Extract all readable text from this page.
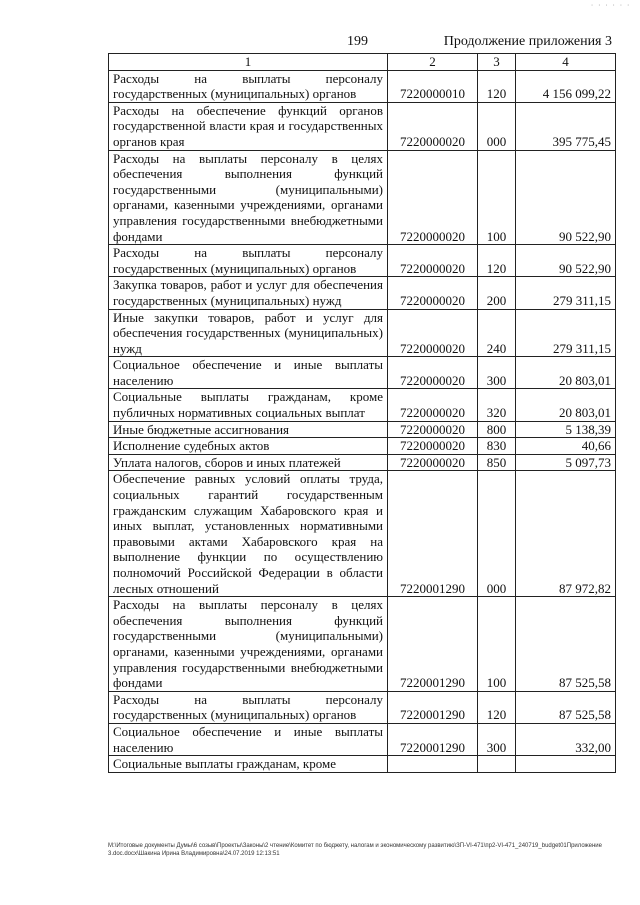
· · · · · ·
199	Продолжение приложения 3
1	2	3	4
Расходы на выплаты персоналу государственных (муниципальных) органов	7220000010	120	4 156 099,22
Расходы на обеспечение функций органов государственной власти края и государственных органов края	7220000020	000	395 775,45
Расходы на выплаты персоналу в целях обеспечения выполнения функций государственными (муниципальными) органами, казенными учреждениями, органами управления государственными внебюджетными фондами	7220000020	100	90 522,90
Расходы на выплаты персоналу государственных (муниципальных) органов	7220000020	120	90 522,90
Закупка товаров, работ и услуг для обеспечения государственных (муниципальных) нужд	7220000020	200	279 311,15
Иные закупки товаров, работ и услуг для обеспечения государственных (муниципальных) нужд	7220000020	240	279 311,15
Социальное обеспечение и иные выплаты населению	7220000020	300	20 803,01
Социальные выплаты гражданам, кроме публичных нормативных социальных выплат	7220000020	320	20 803,01
Иные бюджетные ассигнования	7220000020	800	5 138,39
Исполнение судебных актов	7220000020	830	40,66
Уплата налогов, сборов и иных платежей	7220000020	850	5 097,73
Обеспечение равных условий оплаты труда, социальных гарантий государственным гражданским служащим Хабаровского края и иных выплат, установленных нормативными правовыми актами Хабаровского края на выполнение функции по осуществлению полномочий Российской Федерации в области лесных отношений	7220001290	000	87 972,82
Расходы на выплаты персоналу в целях обеспечения выполнения функций государственными (муниципальными) органами, казенными учреждениями, органами управления государственными внебюджетными фондами	7220001290	100	87 525,58
Расходы на выплаты персоналу государственных (муниципальных) органов	7220001290	120	87 525,58
Социальное обеспечение и иные выплаты населению	7220001290	300	332,00
Социальные выплаты гражданам, кроме			
M:\Итоговые документы Думы\6 созыв\Проекты\Законы\2 чтение\Комитет по бюджету, налогам и экономическому развитию\ЗП-VI-471\пр2-VI-471_240719_budget01Приложение 3.doc.docx\Шакина Ирина Владимировна\24.07.2019 12:13:51
